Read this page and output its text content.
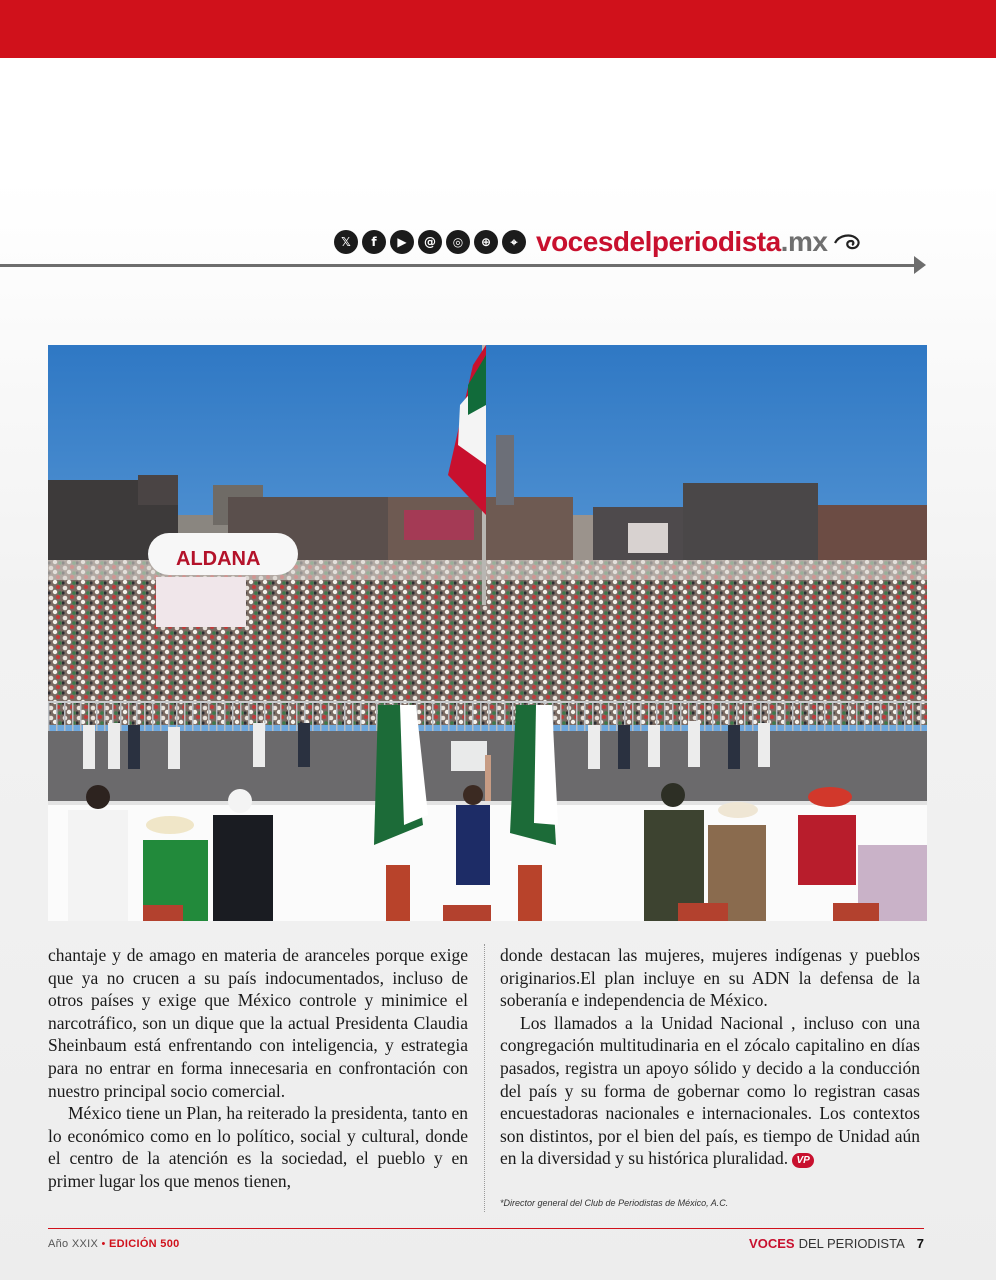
𝕏	f	▶	@	◎	⊕	⌖ vocesdelperiodista.mx
ALDANA

chantaje y de amago en materia de aranceles porque exige que ya no crucen a su país indocumentados, incluso de otros países y exige que México controle y minimice el narcotráfico, son un dique que la actual Presidenta Claudia Sheinbaum está enfrentando con inteligencia, y estrategia para no entrar en forma innecesaria en confrontación con nuestro principal socio comercial.

México tiene un Plan, ha reiterado la presidenta, tanto en lo económico como en lo político, social y cultural, donde el centro de la atención es la sociedad, el pueblo y en primer lugar los que menos tienen,

donde destacan las mujeres, mujeres indígenas y pueblos originarios.El plan incluye en su ADN la defensa de la soberanía e independencia de México.

Los llamados a la Unidad Nacional , incluso con una congregación multitudinaria en el zócalo capitalino en días pasados, registra un apoyo sólido y decido a la conducción del país y su forma de gobernar como lo registran casas encuestadoras nacionales e internacionales. Los contextos son distintos, por el bien del país, es tiempo de Unidad aún en la diversidad y su histórica pluralidad. VP

*Director general del Club de Periodistas de México, A.C.
Año XXIX • EDICIÓN 500	VOCES DEL PERIODISTA 7
